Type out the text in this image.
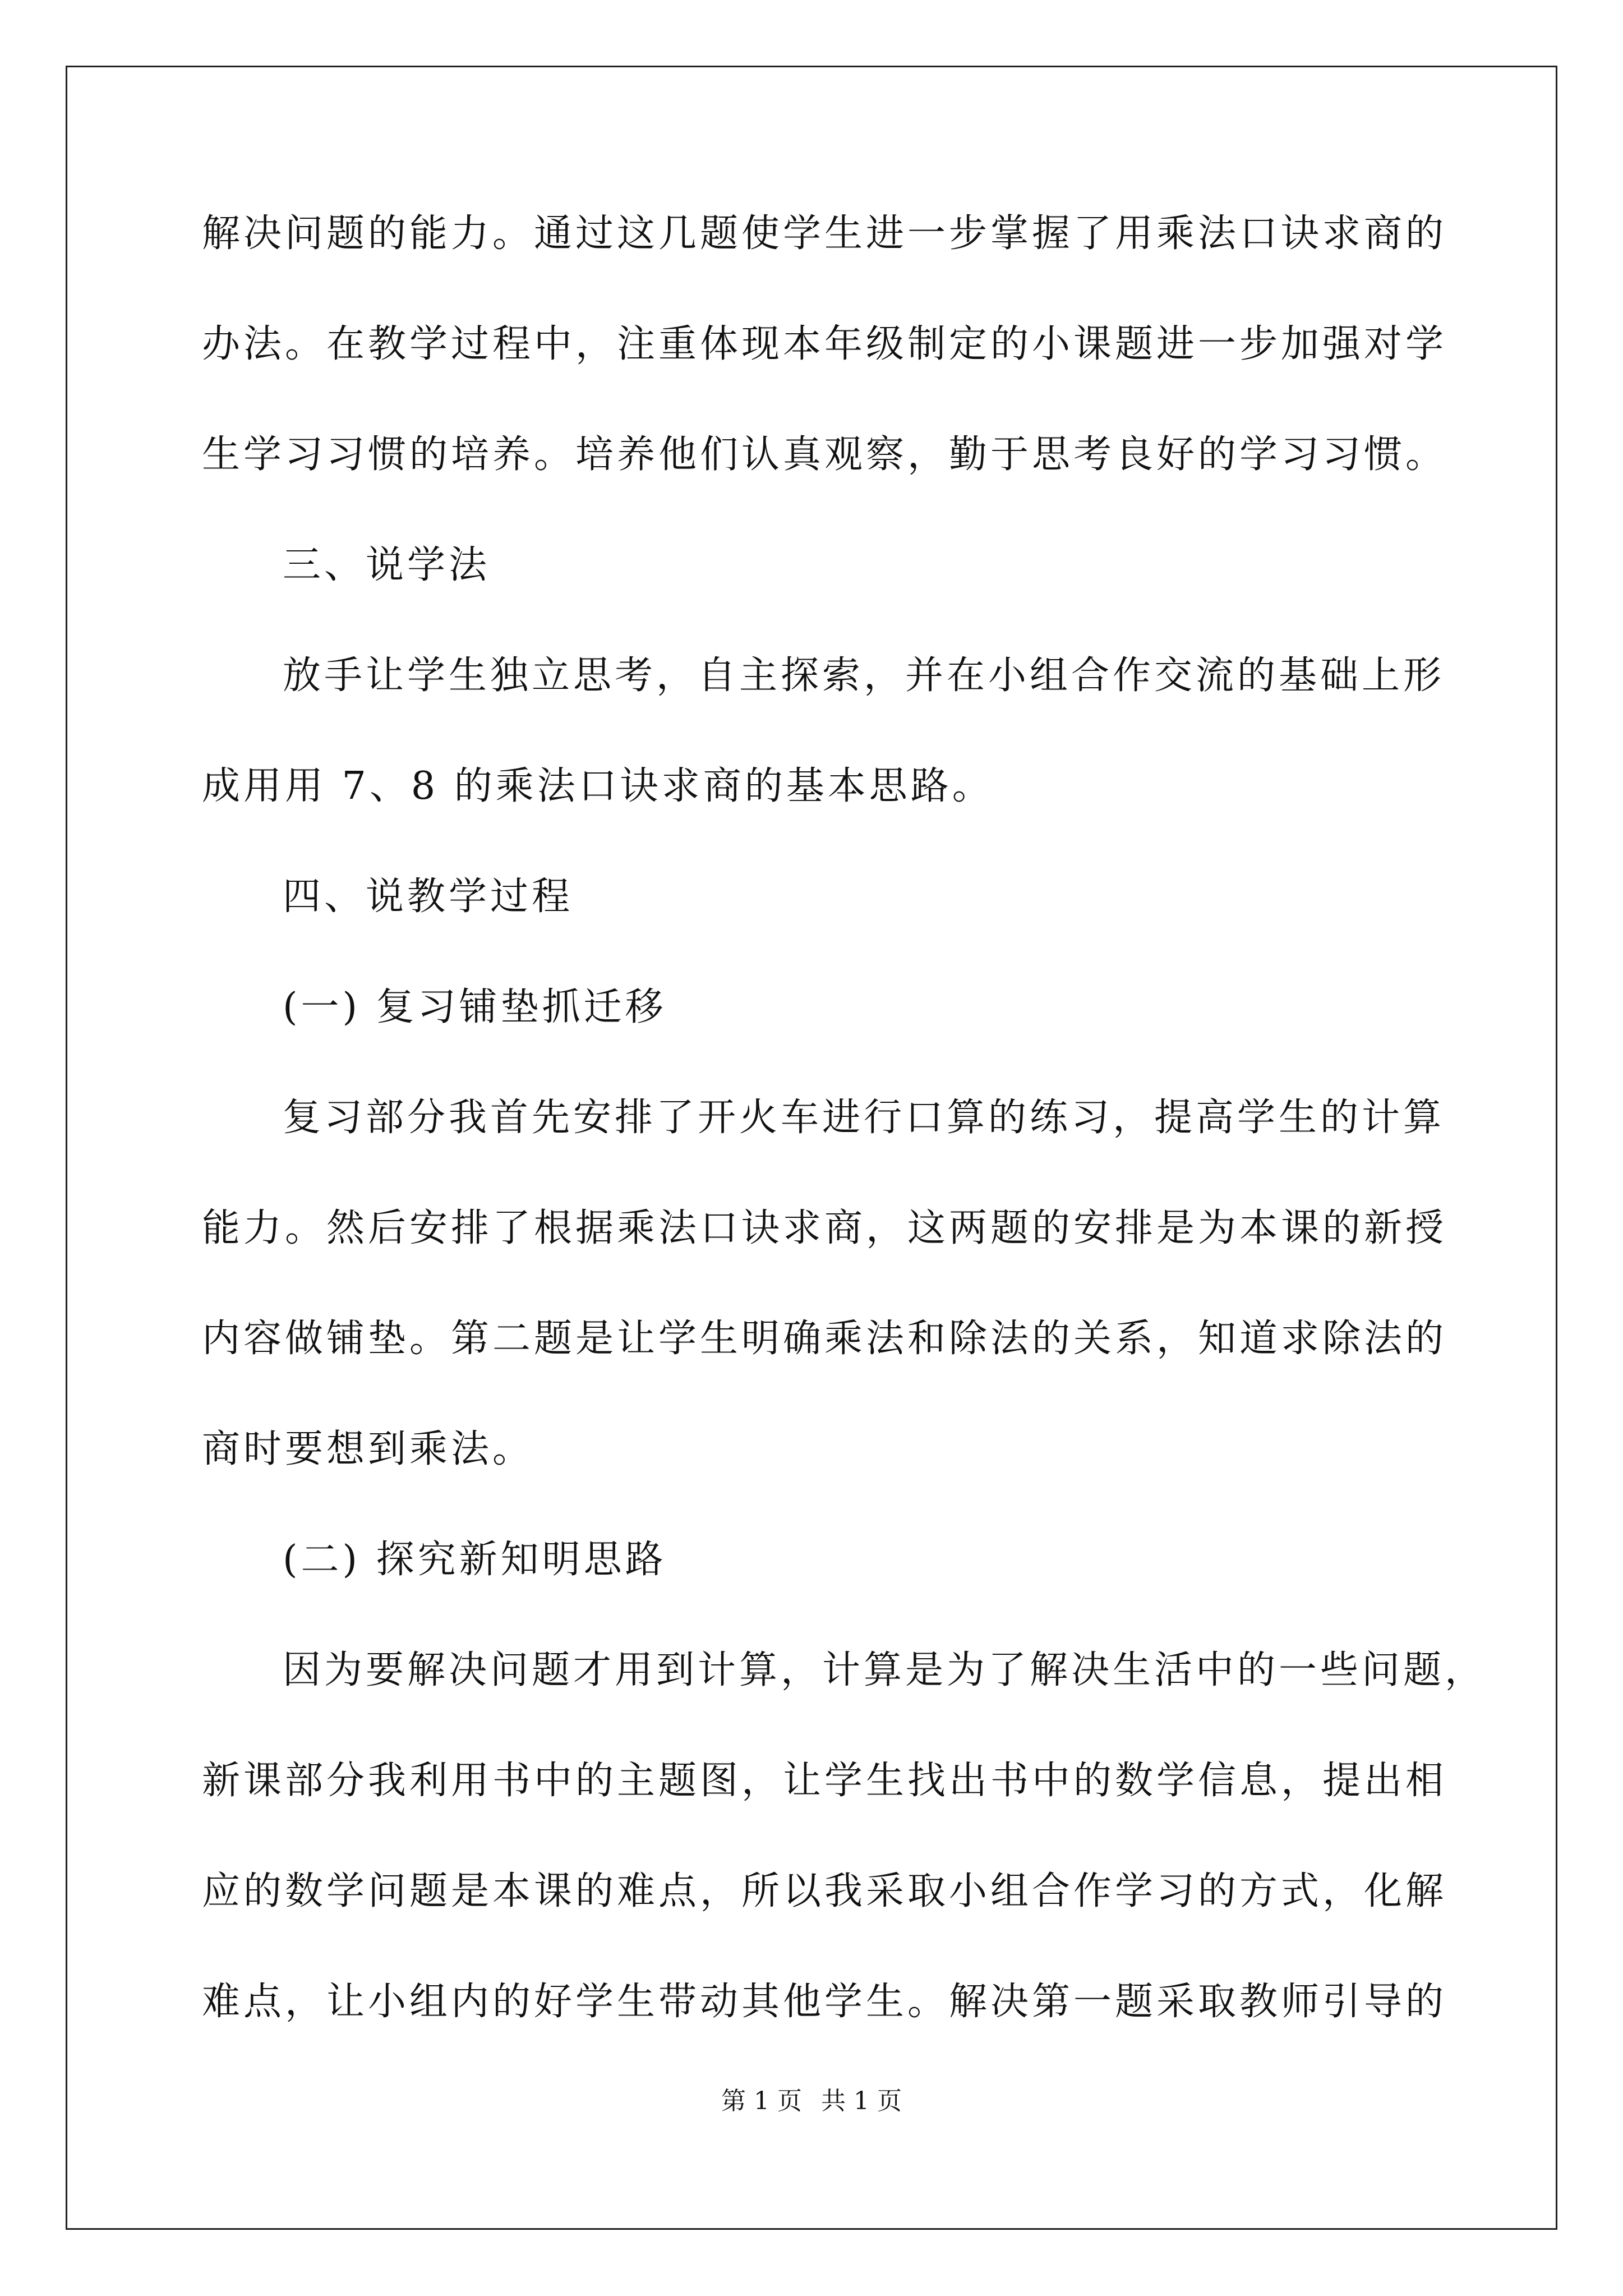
解决问题的能力。通过这几题使学生进一步掌握了用乘法口诀求商的
办法。在教学过程中，注重体现本年级制定的小课题进一步加强对学
生学习习惯的培养。培养他们认真观察，勤于思考良好的学习习惯。
三、说学法
放手让学生独立思考，自主探索，并在小组合作交流的基础上形
成用用 7、8 的乘法口诀求商的基本思路。
四、说教学过程
(一) 复习铺垫抓迁移
复习部分我首先安排了开火车进行口算的练习，提高学生的计算
能力。然后安排了根据乘法口诀求商，这两题的安排是为本课的新授
内容做铺垫。第二题是让学生明确乘法和除法的关系，知道求除法的
商时要想到乘法。
(二) 探究新知明思路
因为要解决问题才用到计算，计算是为了解决生活中的一些问题，
新课部分我利用书中的主题图，让学生找出书中的数学信息，提出相
应的数学问题是本课的难点，所以我采取小组合作学习的方式，化解
难点，让小组内的好学生带动其他学生。解决第一题采取教师引导的
第 1 页 共 1 页
